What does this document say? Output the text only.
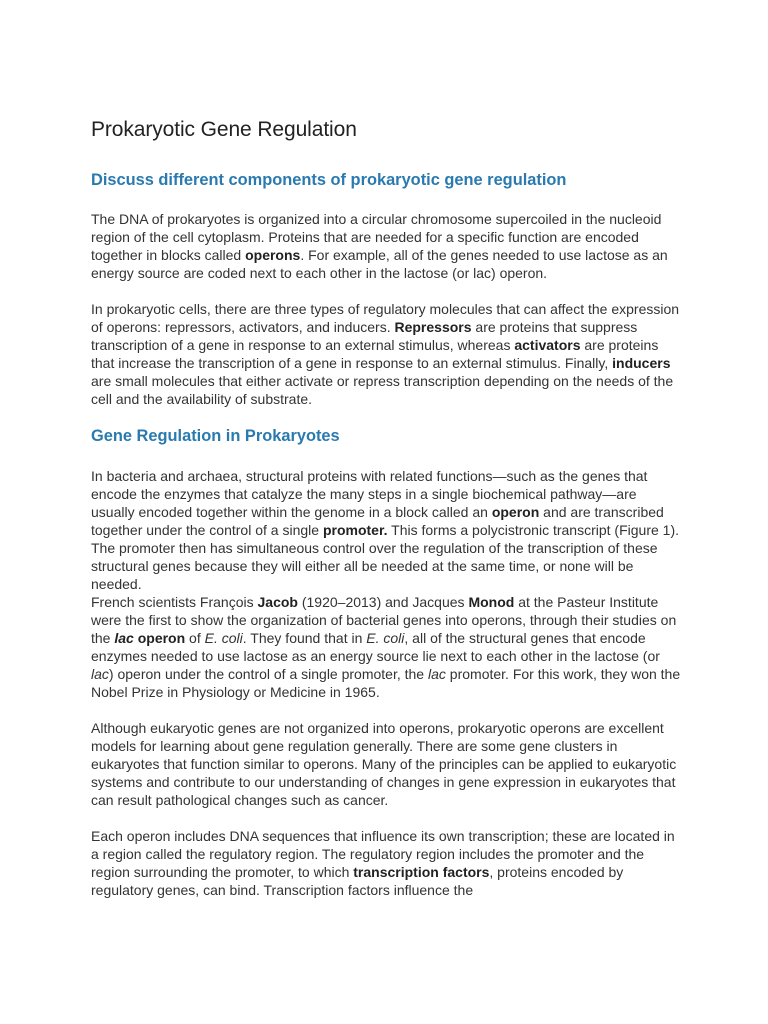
Prokaryotic Gene Regulation
Discuss different components of prokaryotic gene regulation

The DNA of prokaryotes is organized into a circular chromosome supercoiled in the nucleoid region of the cell cytoplasm. Proteins that are needed for a specific function are encoded together in blocks called operons. For example, all of the genes needed to use lactose as an energy source are coded next to each other in the lactose (or lac) operon.

In prokaryotic cells, there are three types of regulatory molecules that can affect the expression of operons: repressors, activators, and inducers. Repressors are proteins that suppress transcription of a gene in response to an external stimulus, whereas activators are proteins that increase the transcription of a gene in response to an external stimulus. Finally, inducers are small molecules that either activate or repress transcription depending on the needs of the cell and the availability of substrate.

Gene Regulation in Prokaryotes

In bacteria and archaea, structural proteins with related functions—such as the genes that encode the enzymes that catalyze the many steps in a single biochemical pathway—are usually encoded together within the genome in a block called an operon and are transcribed together under the control of a single promoter. This forms a polycistronic transcript (Figure 1). The promoter then has simultaneous control over the regulation of the transcription of these structural genes because they will either all be needed at the same time, or none will be needed.

French scientists François Jacob (1920–2013) and Jacques Monod at the Pasteur Institute were the first to show the organization of bacterial genes into operons, through their studies on the lac operon of E. coli. They found that in E. coli, all of the structural genes that encode enzymes needed to use lactose as an energy source lie next to each other in the lactose (or lac) operon under the control of a single promoter, the lac promoter. For this work, they won the Nobel Prize in Physiology or Medicine in 1965.

Although eukaryotic genes are not organized into operons, prokaryotic operons are excellent models for learning about gene regulation generally. There are some gene clusters in eukaryotes that function similar to operons. Many of the principles can be applied to eukaryotic systems and contribute to our understanding of changes in gene expression in eukaryotes that can result pathological changes such as cancer.

Each operon includes DNA sequences that influence its own transcription; these are located in a region called the regulatory region. The regulatory region includes the promoter and the region surrounding the promoter, to which transcription factors, proteins encoded by regulatory genes, can bind. Transcription factors influence the
